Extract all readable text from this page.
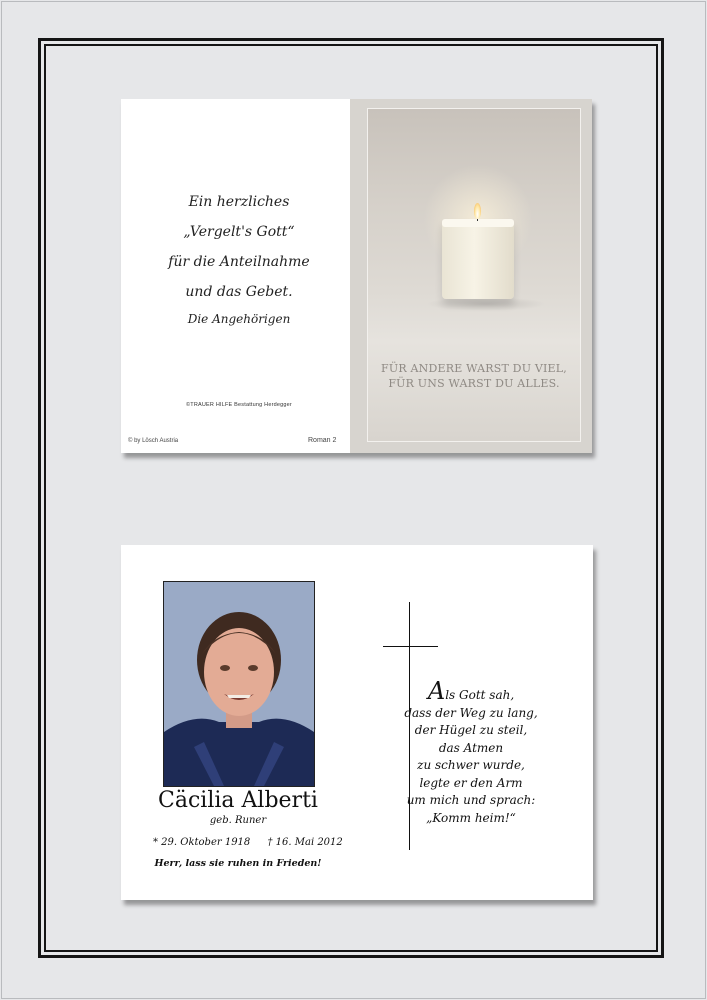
Ein herzliches
„Vergelt's Gott“
für die Anteilnahme
und das Gebet.
Die Angehörigen
©TRAUER HILFE Bestattung Herdegger
© by Lösch Austria	Roman 2
FÜR ANDERE WARST DU VIEL,
FÜR UNS WARST DU ALLES.
Cäcilia Alberti
geb. Runer
* 29. Oktober 1918 † 16. Mai 2012
Herr, lass sie ruhen in Frieden!
Als Gott sah,
dass der Weg zu lang,
der Hügel zu steil,
das Atmen
zu schwer wurde,
legte er den Arm
um mich und sprach:
„Komm heim!“
